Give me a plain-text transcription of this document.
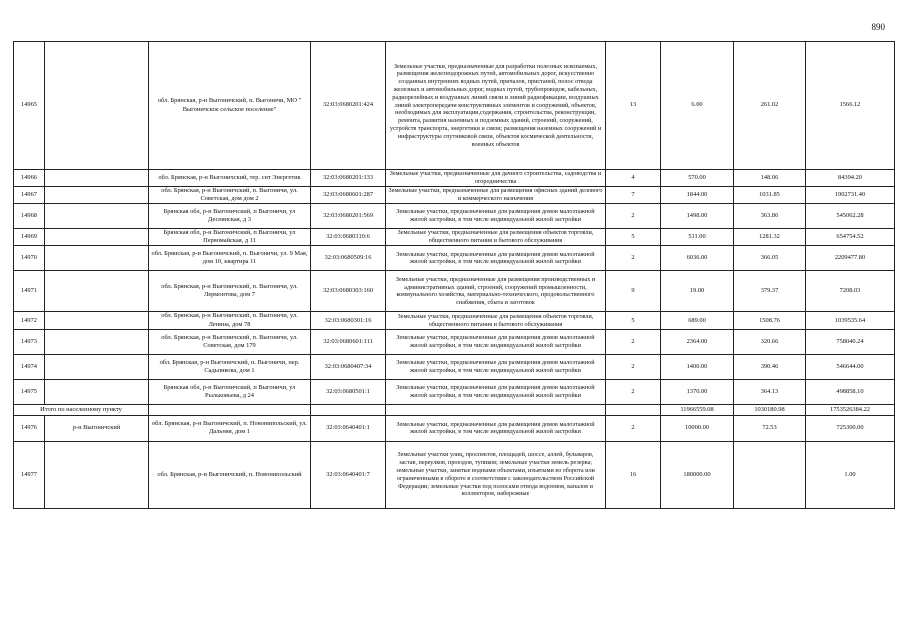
890
14965		обл. Брянская, р-н Выгоничский, п. Выгоничи, МО " Выгоничское сельское поселение"	32:03:0680201:424	Земельные участки, предназначенные для разработки полезных ископаемых, размещения железнодорожных путей, автомобильных дорог, искусственно созданных внутренних водных путей, причалов, пристаней, полос отвода железных и автомобильных дорог, водных путей, трубопроводов, кабельных, радиорелейных и воздушных линий связи и линий радиофикации, воздушных линий электропередачи конструктивных элементов и сооружений, объектов, необходимых для эксплуатации,содержания, строительства, реконструкции, ремонта, развития наземных и подземных зданий, строений, сооружений, устройств транспорта, энергетики и связи; размещения наземных сооружений и инфраструктуры спутниковой связи, объектов космической деятельности, военных объектов	13	6.00	261.02	1566.12
14966		обл. Брянская, р-н Выгоничский, тер. снт Энергетик	32:03:0680201:133	Земельные участки, предназначенные для дачного строительства, садоводства и огородничества	4	570.00	148.06	84394.20
14967		обл. Брянская, р-н Выгоничский, п. Выгоничи, ул. Советская, дом дом 2	32:03:0680601:287	Земельные участки, предназначенные для размещения офисных зданий делового и коммерческого назначения	7	1844.00	1031.85	1902731.40
14968		Брянская обл, р-н Выгоничский, п Выгоничи, ул Деснянская, д 3	32:03:0680201:569	Земельные участки, предназначенные для размещения домов малоэтажной жилой застройки, в том числе индивидуальной жилой застройки	2	1498.00	363.86	545062.28
14969		Брянская обл, р-н Выгоничский, п Выгоничи, ул Первомайская, д 11	32:03:0680310:6	Земельные участки, предназначенные для размещения объектов торговли, общественного питания и бытового обслуживания	5	511.00	1281.32	654754.52
14970		обл. Брянская, р-н Выгоничский, п. Выгоничи, ул. 9 Мая, дом 10, квартира 11	32:03:0680509:16	Земельные участки, предназначенные для размещения домов малоэтажной жилой застройки, в том числе индивидуальной жилой застройки	2	6036.00	366.05	2209477.80
14971		обл. Брянская, р-н Выгоничский, п. Выгоничи, ул. Лермонтова, дом 7	32:03:0680303:160	Земельные участки, предназначенные для размещения производственных и административных зданий, строений, сооружений промышленности, коммунального хозяйства, материально-технического, продовольственного снабжения, сбыта и заготовок	9	19.00	379.37	7208.03
14972		обл. Брянская, р-н Выгоничский, п. Выгоничи, ул. Ленина, дом 78	32:03:0680301:16	Земельные участки, предназначенные для размещения объектов торговли, общественного питания и бытового обслуживания	5	689.00	1508.76	1039535.64
14973		обл. Брянская, р-н Выгоничский, п. Выгоничи, ул. Советская, дом 179	32:03:0680601:111	Земельные участки, предназначенные для размещения домов малоэтажной жилой застройки, в том числе индивидуальной жилой застройки	2	2364.00	320.66	758040.24
14974		обл. Брянская, р-н Выгоничский, п. Выгоничи, пер. Садьпикова, дом 1	32:03:0680407:34	Земельные участки, предназначенные для размещения домов малоэтажной жилой застройки, в том числе индивидуальной жилой застройки	2	1400.00	390.46	546644.00
14975		Брянская обл, р-н Выгоничский, п Выгоничи, ул Рыльковьева, д 24	32:03:0680501:1	Земельные участки, предназначенные для размещения домов малоэтажной жилой застройки, в том числе индивидуальной жилой застройки	2	1370.00	364.13	498858.10
Итого по населенному пункту						11966559.08	1030180.98	1753526384.22
14976	р-н Выгоничский	обл. Брянская, р-н Выгоничский, п. Новонипольский, ул. Дальняя, дом 1	32:03:0640401:1	Земельные участки, предназначенные для размещения домов малоэтажной жилой застройки, в том числе индивидуальной жилой застройки	2	10000.00	72.53	725300.00
14977		обл. Брянская, р-н Выгоничский, п. Новонипольский	32:03:0640401:7	Земельные участки улиц, проспектов, площадей, шоссе, аллей, бульваров, застав, переулков, проездов, тупиков; земельные участки земель резерва; земельные участки, занятые водными объектами, изъятыми из оборота или ограниченными в обороте в соответствии с законодательством Российской Федерации; земельные участки под полосами отвода водоемов, каналов и коллекторов, набережные	16	180000.00		1.00
